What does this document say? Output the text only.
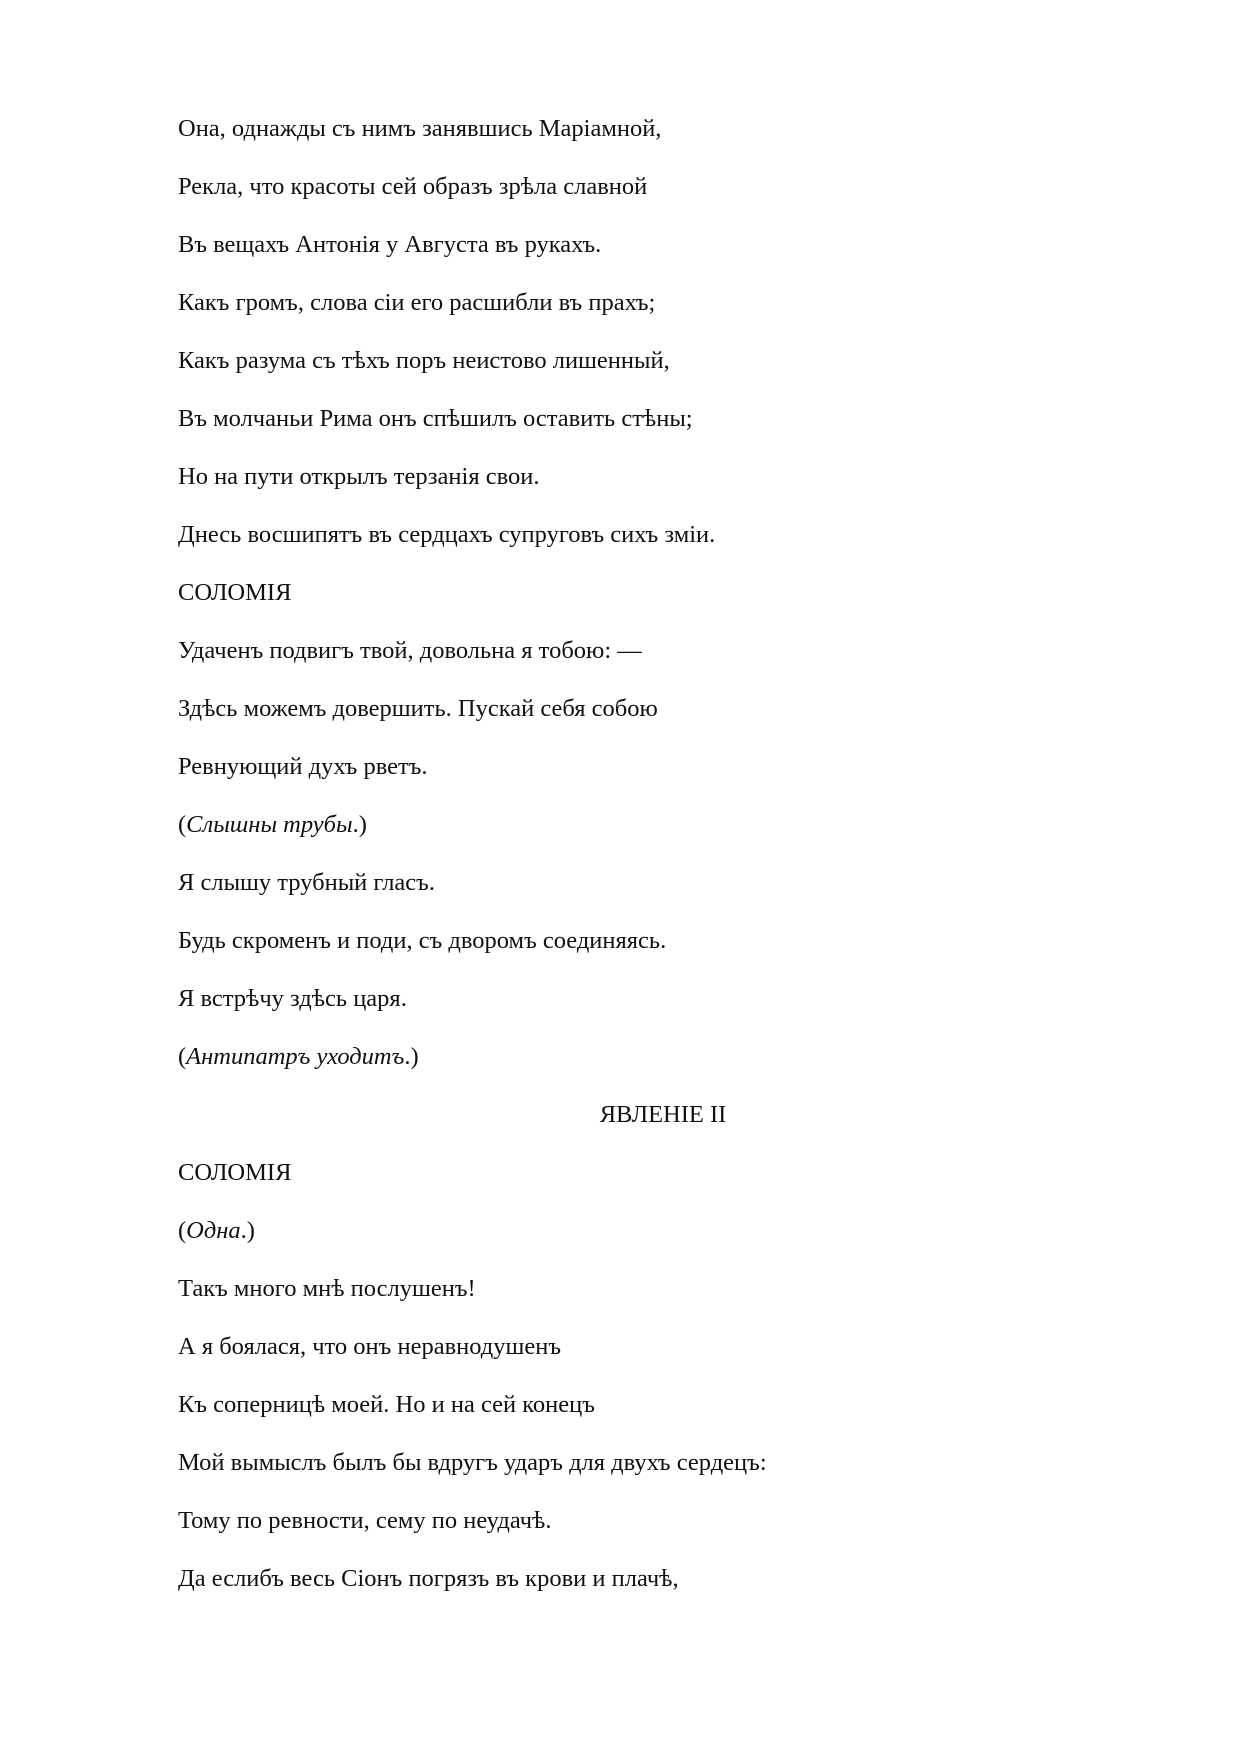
Она, однажды съ нимъ занявшись Маріамной,
Рекла, что красоты сей образъ зрѣла славной
Въ вещахъ Антонія у Августа въ рукахъ.
Какъ громъ, слова сіи его расшибли въ прахъ;
Какъ разума съ тѣхъ поръ неистово лишенный,
Въ молчаньи Рима онъ спѣшилъ оставить стѣны;
Но на пути открылъ терзанія свои.
Днесь восшипятъ въ сердцахъ супруговъ сихъ зміи.
СОЛОМІЯ
Удаченъ подвигъ твой, довольна я тобою: —
Здѣсь можемъ довершить. Пускай себя собою
Ревнующий духъ рветъ.
(Слышны трубы.)
Я слышу трубный гласъ.
Будь скроменъ и поди, съ дворомъ соединяясь.
Я встрѣчу здѣсь царя.
(Антипатръ уходитъ.)
ЯВЛЕНІЕ II
СОЛОМІЯ
(Одна.)
Такъ много мнѣ послушенъ!
А я боялася, что онъ неравнодушенъ
Къ соперницѣ моей. Но и на сей конецъ
Мой вымыслъ былъ бы вдругъ ударъ для двухъ сердецъ:
Тому по ревности, сему по неудачѣ.
Да еслибъ весь Сіонъ погрязъ въ крови и плачѣ,
